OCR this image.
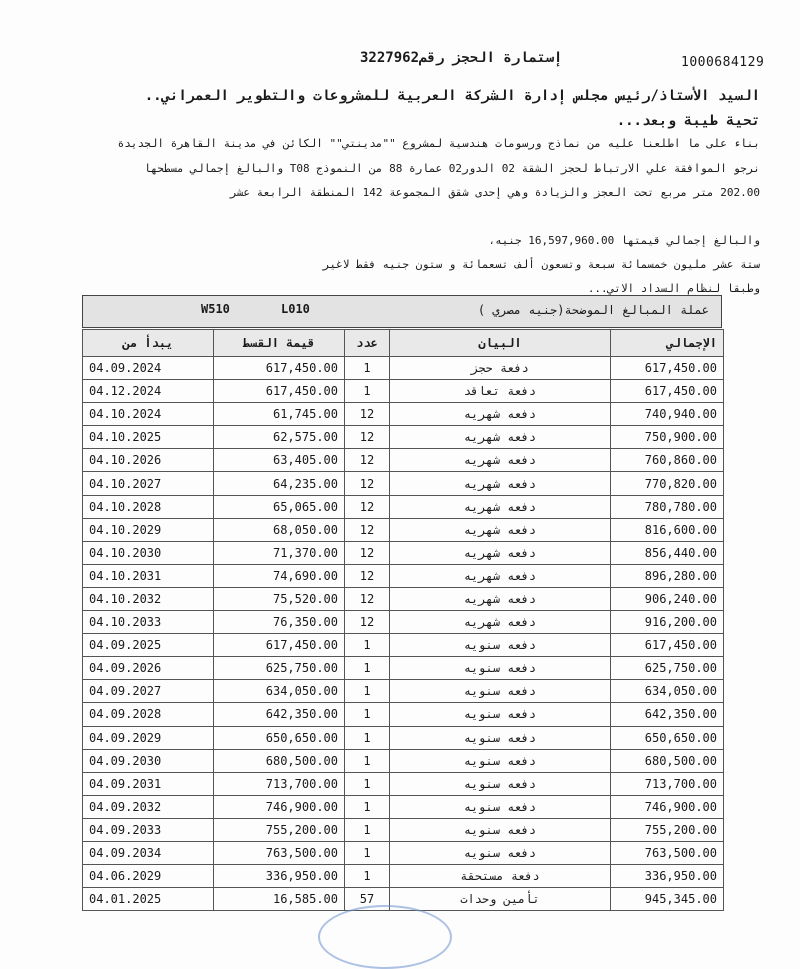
1000684129
إستمارة الحجز رقم3227962
السيد الأستاذ/رئيس مجلس إدارة الشركة العربية للمشروعات والتطوير العمراني..
تحية طيبة وبعد...
بناء على ما اطلعنا عليه من نماذج ورسومات هندسية لمشروع ""مدينتي"" الكائن في مدينة القاهرة الجديدة
نرجو الموافقة علي الارتباط لحجز الشقة 02 الدور02 عمارة 88 من النموذج T08 والبالغ إجمالي مسطحها
202.00 متر مربع تحت العجز والزيادة وهي إحدى شقق المجموعة 142 المنطقة الرابعة عشر
والبالغ إجمالي قيمتها 16,597,960.00 جنيه،
ستة عشر مليون خمسمائة سبعة وتسعون ألف تسعمائة و ستون جنيه فقط لاغير
وطبقا لنظام السداد الاتي...
W510	L010	عملة المبالغ الموضحة(جنيه مصري )
يبدأ من	قيمة القسط	عدد	البيان	الإجمالي
04.09.2024	617,450.00	1	دفعة حجز	617,450.00
04.12.2024	617,450.00	1	دفعة تعاقد	617,450.00
04.10.2024	61,745.00	12	دفعه شهريه	740,940.00
04.10.2025	62,575.00	12	دفعه شهريه	750,900.00
04.10.2026	63,405.00	12	دفعه شهريه	760,860.00
04.10.2027	64,235.00	12	دفعه شهريه	770,820.00
04.10.2028	65,065.00	12	دفعه شهريه	780,780.00
04.10.2029	68,050.00	12	دفعه شهريه	816,600.00
04.10.2030	71,370.00	12	دفعه شهريه	856,440.00
04.10.2031	74,690.00	12	دفعه شهريه	896,280.00
04.10.2032	75,520.00	12	دفعه شهريه	906,240.00
04.10.2033	76,350.00	12	دفعه شهريه	916,200.00
04.09.2025	617,450.00	1	دفعه سنويه	617,450.00
04.09.2026	625,750.00	1	دفعه سنويه	625,750.00
04.09.2027	634,050.00	1	دفعه سنويه	634,050.00
04.09.2028	642,350.00	1	دفعه سنويه	642,350.00
04.09.2029	650,650.00	1	دفعه سنويه	650,650.00
04.09.2030	680,500.00	1	دفعه سنويه	680,500.00
04.09.2031	713,700.00	1	دفعه سنويه	713,700.00
04.09.2032	746,900.00	1	دفعه سنويه	746,900.00
04.09.2033	755,200.00	1	دفعه سنويه	755,200.00
04.09.2034	763,500.00	1	دفعه سنويه	763,500.00
04.06.2029	336,950.00	1	دفعة مستحقة	336,950.00
04.01.2025	16,585.00	57	تأمين وحدات	945,345.00
